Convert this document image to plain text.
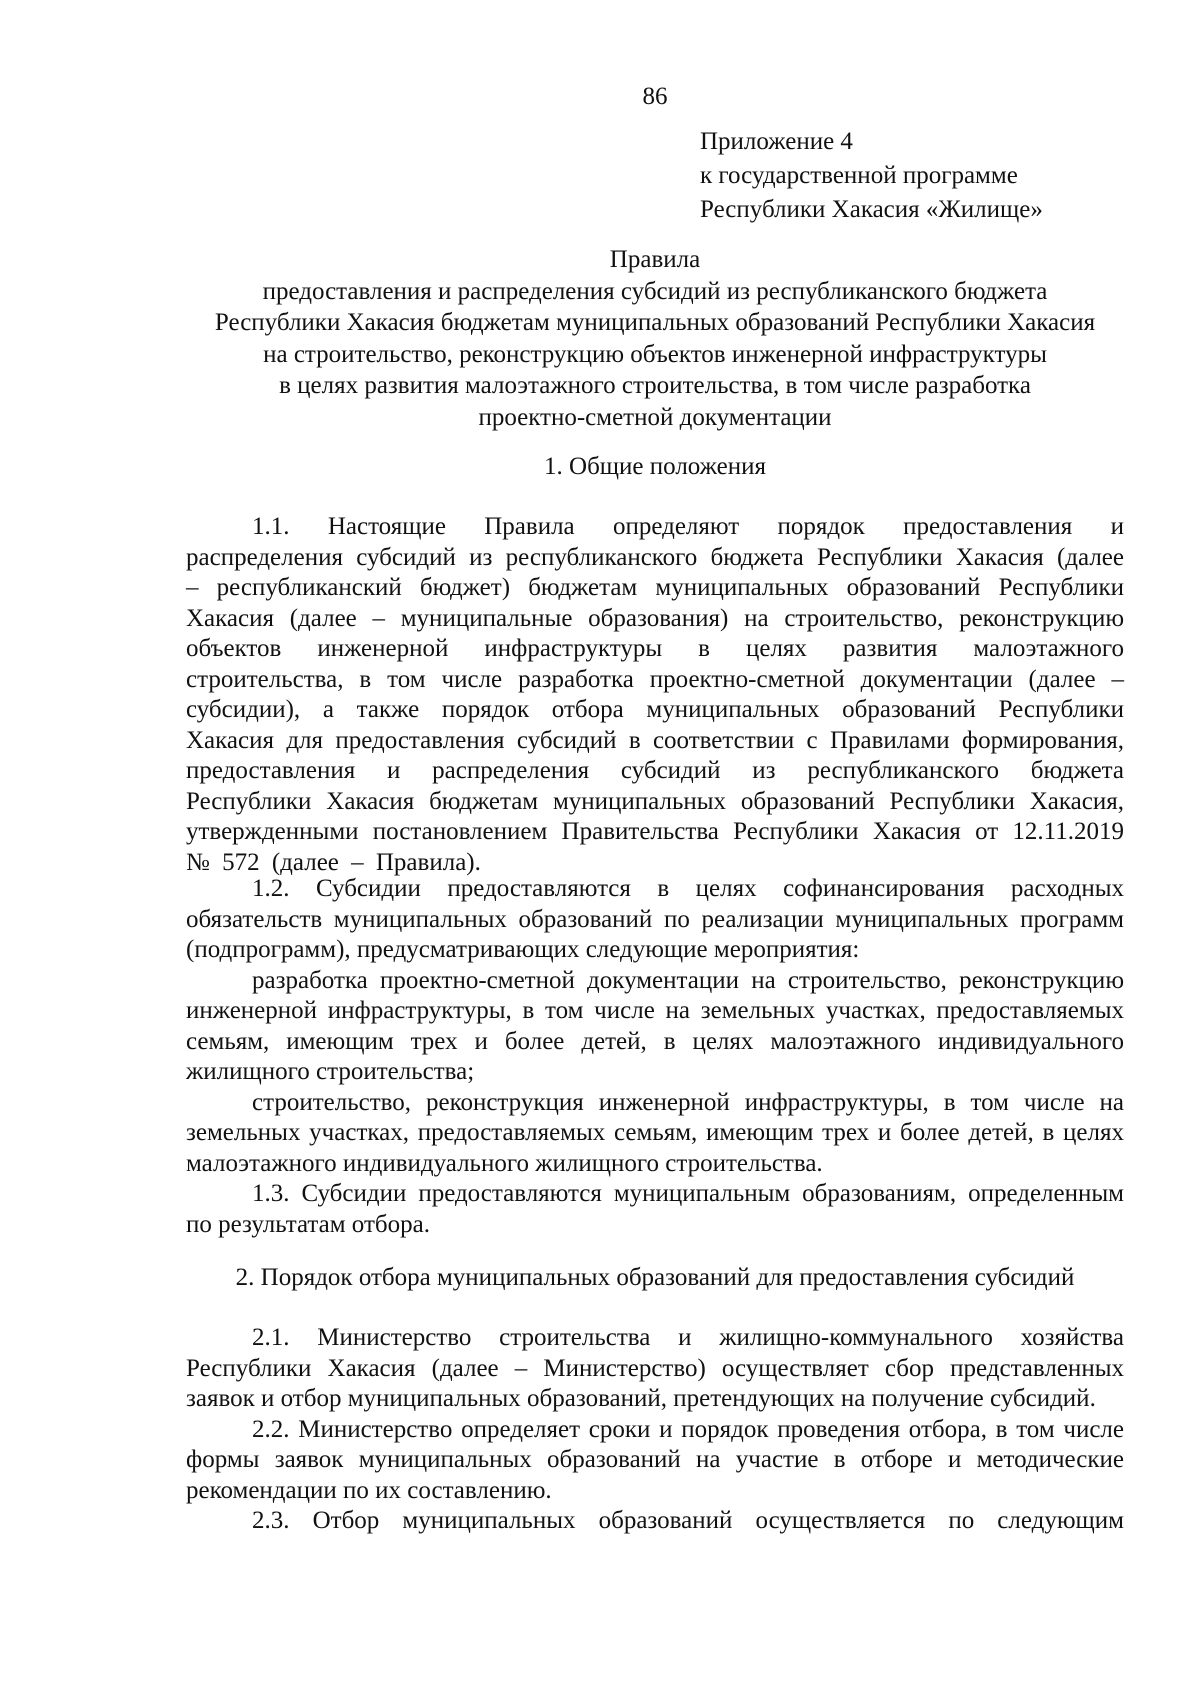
86
Приложение 4
к государственной программе
Республики Хакасия «Жилище»
Правила
предоставления и распределения субсидий из республиканского бюджета
Республики Хакасия бюджетам муниципальных образований Республики Хакасия
на строительство, реконструкцию объектов инженерной инфраструктуры
в целях развития малоэтажного строительства, в том числе разработка
проектно-сметной документации
1. Общие положения

1.1. Настоящие Правила определяют порядок предоставления и распределения субсидий из республиканского бюджета Республики Хакасия (далее – республиканский бюджет) бюджетам муниципальных образований Республики Хакасия (далее – муниципальные образования) на строительство, реконструкцию объектов инженерной инфраструктуры в целях развития малоэтажного строительства, в том числе разработка проектно-сметной документации (далее – субсидии), а также порядок отбора муниципальных образований Республики Хакасия для предоставления субсидий в соответствии с Правилами формирования, предоставления и распределения субсидий из республиканского бюджета Республики Хакасия бюджетам муниципальных образований Республики Хакасия, утвержденными постановлением Правительства Республики Хакасия от 12.11.2019 № 572 (далее – Правила).

1.2. Субсидии предоставляются в целях софинансирования расходных обязательств муниципальных образований по реализации муниципальных программ (подпрограмм), предусматривающих следующие мероприятия:

разработка проектно-сметной документации на строительство, реконструкцию инженерной инфраструктуры, в том числе на земельных участках, предоставляемых семьям, имеющим трех и более детей, в целях малоэтажного индивидуального жилищного строительства;

строительство, реконструкция инженерной инфраструктуры, в том числе на земельных участках, предоставляемых семьям, имеющим трех и более детей, в целях малоэтажного индивидуального жилищного строительства.

1.3. Субсидии предоставляются муниципальным образованиям, определенным по результатам отбора.

2. Порядок отбора муниципальных образований для предоставления субсидий

2.1. Министерство строительства и жилищно-коммунального хозяйства Республики Хакасия (далее – Министерство) осуществляет сбор представленных заявок и отбор муниципальных образований, претендующих на получение субсидий.

2.2. Министерство определяет сроки и порядок проведения отбора, в том числе формы заявок муниципальных образований на участие в отборе и методические рекомендации по их составлению.

2.3. Отбор муниципальных образований осуществляется по следующим
